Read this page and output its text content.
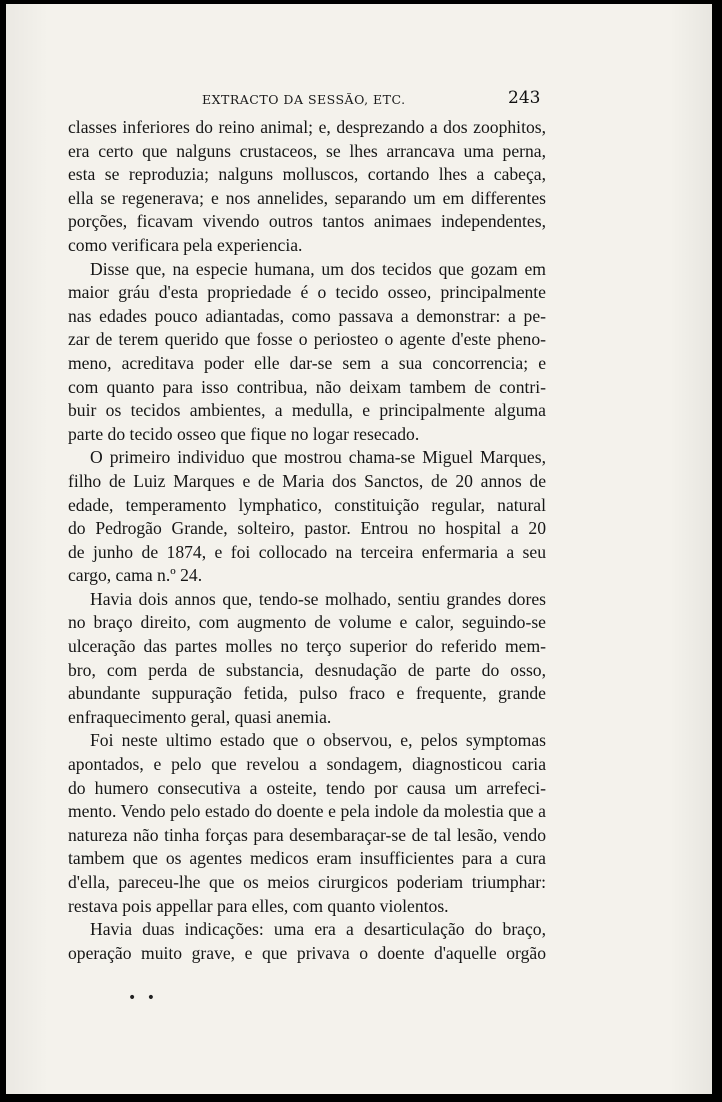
EXTRACTO DA SESSÃO, ETC.	243
classes inferiores do reino animal; e, desprezando a dos zoophitos,
era certo que nalguns crustaceos, se lhes arrancava uma perna,
esta se reproduzia; nalguns molluscos, cortando lhes a cabeça,
ella se regenerava; e nos annelides, separando um em differentes
porções, ficavam vivendo outros tantos animaes independentes,
como verificara pela experiencia.
Disse que, na especie humana, um dos tecidos que gozam em
maior gráu d'esta propriedade é o tecido osseo, principalmente
nas edades pouco adiantadas, como passava a demonstrar: a pe-
zar de terem querido que fosse o periosteo o agente d'este pheno-
meno, acreditava poder elle dar-se sem a sua concorrencia; e
com quanto para isso contribua, não deixam tambem de contri-
buir os tecidos ambientes, a medulla, e principalmente alguma
parte do tecido osseo que fique no logar resecado.
O primeiro individuo que mostrou chama-se Miguel Marques,
filho de Luiz Marques e de Maria dos Sanctos, de 20 annos de
edade, temperamento lymphatico, constituição regular, natural
do Pedrogão Grande, solteiro, pastor. Entrou no hospital a 20
de junho de 1874, e foi collocado na terceira enfermaria a seu
cargo, cama n.º 24.
Havia dois annos que, tendo-se molhado, sentiu grandes dores
no braço direito, com augmento de volume e calor, seguindo-se
ulceração das partes molles no terço superior do referido mem-
bro, com perda de substancia, desnudação de parte do osso,
abundante suppuração fetida, pulso fraco e frequente, grande
enfraquecimento geral, quasi anemia.
Foi neste ultimo estado que o observou, e, pelos symptomas
apontados, e pelo que revelou a sondagem, diagnosticou caria
do humero consecutiva a osteite, tendo por causa um arrefeci-
mento. Vendo pelo estado do doente e pela indole da molestia que a
natureza não tinha forças para desembaraçar-se de tal lesão, vendo
tambem que os agentes medicos eram insufficientes para a cura
d'ella, pareceu-lhe que os meios cirurgicos poderiam triumphar:
restava pois appellar para elles, com quanto violentos.
Havia duas indicações: uma era a desarticulação do braço,
operação muito grave, e que privava o doente d'aquelle orgão
• •
